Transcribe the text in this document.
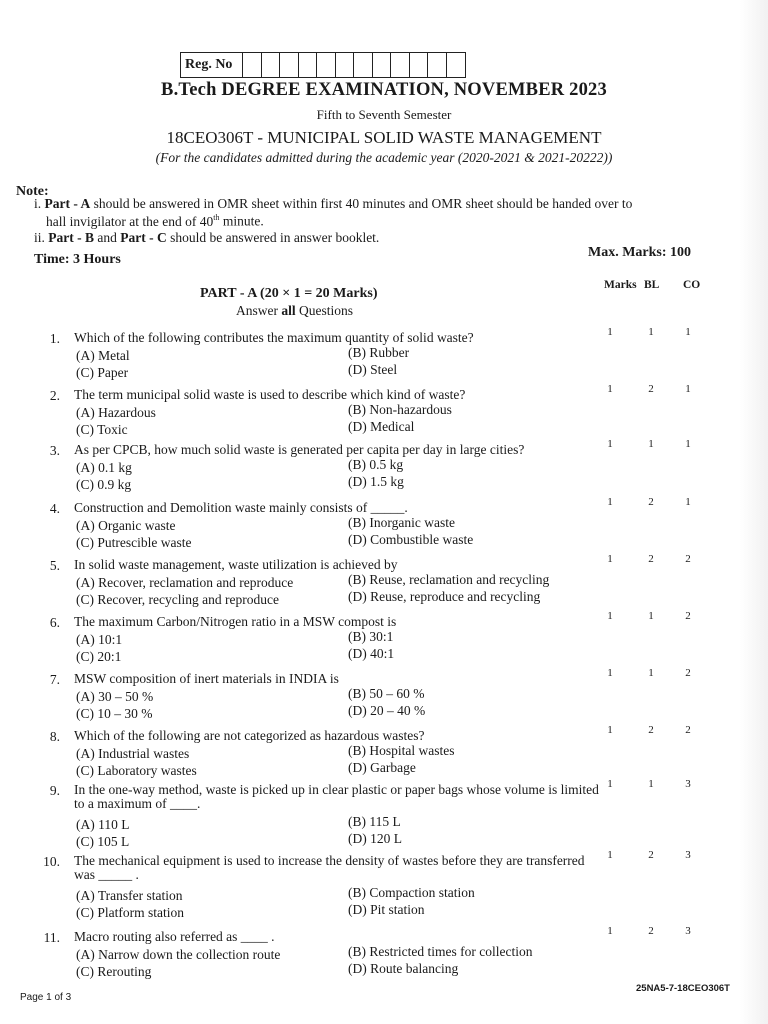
Reg. No
B.Tech DEGREE EXAMINATION, NOVEMBER 2023
Fifth to Seventh Semester
18CEO306T - MUNICIPAL SOLID WASTE MANAGEMENT
(For the candidates admitted during the academic year (2020-2021 & 2021-20222))
Note:
i. Part - A should be answered in OMR sheet within first 40 minutes and OMR sheet should be handed over to
hall invigilator at the end of 40th minute.
ii. Part - B and Part - C should be answered in answer booklet.
Time: 3 Hours	Max. Marks: 100
PART - A (20 × 1 = 20 Marks)
Answer all Questions
Marks BL CO
1. Which of the following contributes the maximum quantity of solid waste?
(A) Metal	(B) Rubber
(C) Paper	(D) Steel
1	1	1
2. The term municipal solid waste is used to describe which kind of waste?
(A) Hazardous	(B) Non-hazardous
(C) Toxic	(D) Medical
1	2	1
3. As per CPCB, how much solid waste is generated per capita per day in large cities?
(A) 0.1 kg	(B) 0.5 kg
(C) 0.9 kg	(D) 1.5 kg
1	1	1
4. Construction and Demolition waste mainly consists of _____.
(A) Organic waste	(B) Inorganic waste
(C) Putrescible waste	(D) Combustible waste
1	2	1
5. In solid waste management, waste utilization is achieved by
(A) Recover, reclamation and reproduce	(B) Reuse, reclamation and recycling
(C) Recover, recycling and reproduce	(D) Reuse, reproduce and recycling
1	2	2
6. The maximum Carbon/Nitrogen ratio in a MSW compost is
(A) 10:1	(B) 30:1
(C) 20:1	(D) 40:1
1	1	2
7. MSW composition of inert materials in INDIA is
(A) 30 – 50 %	(B) 50 – 60 %
(C) 10 – 30 %	(D) 20 – 40 %
1	1	2
8. Which of the following are not categorized as hazardous wastes?
(A) Industrial wastes	(B) Hospital wastes
(C) Laboratory wastes	(D) Garbage
1	2	2
9. In the one-way method, waste is picked up in clear plastic or paper bags whose volume is limited to a maximum of ____.
(A) 110 L	(B) 115 L
(C) 105 L	(D) 120 L
1	1	3
10. The mechanical equipment is used to increase the density of wastes before they are transferred was _____ .
(A) Transfer station	(B) Compaction station
(C) Platform station	(D) Pit station
1	2	3
11. Macro routing also referred as ____ .
(A) Narrow down the collection route	(B) Restricted times for collection
(C) Rerouting	(D) Route balancing
1	2	3
Page 1 of 3
25NA5-7-18CEO306T
